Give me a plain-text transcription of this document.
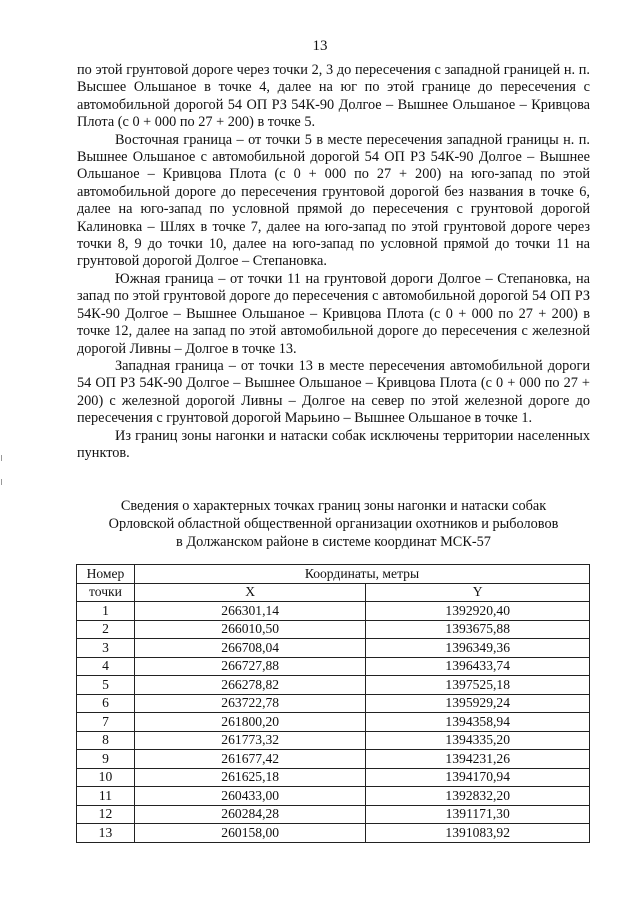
13

по этой грунтовой дороге через точки 2, 3 до пересечения с западной границей н. п. Высшее Ольшаное в точке 4, далее на юг по этой границе до пересечения с автомобильной дорогой 54 ОП РЗ 54К-90 Долгое – Вышнее Ольшаное – Кривцова Плота (с 0 + 000 по 27 + 200) в точке 5.

Восточная граница – от точки 5 в месте пересечения западной границы н. п. Вышнее Ольшаное с автомобильной дорогой 54 ОП РЗ 54К-90 Долгое – Вышнее Ольшаное – Кривцова Плота (с 0 + 000 по 27 + 200) на юго-запад по этой автомобильной дороге до пересечения грунтовой дорогой без названия в точке 6, далее на юго-запад по условной прямой до пересечения с грунтовой дорогой Калиновка – Шлях в точке 7, далее на юго-запад по этой грунтовой дороге через точки 8, 9 до точки 10, далее на юго-запад по условной прямой до точки 11 на грунтовой дорогой Долгое – Степановка.

Южная граница – от точки 11 на грунтовой дороги Долгое – Степановка, на запад по этой грунтовой дороге до пересечения с автомобильной дорогой 54 ОП РЗ 54К-90 Долгое – Вышнее Ольшаное – Кривцова Плота (с 0 + 000 по 27 + 200) в точке 12, далее на запад по этой автомобильной дороге до пересечения с железной дорогой Ливны – Долгое в точке 13.

Западная граница – от точки 13 в месте пересечения автомобильной дороги 54 ОП РЗ 54К-90 Долгое – Вышнее Ольшаное – Кривцова Плота (с 0 + 000 по 27 + 200) с железной дорогой Ливны – Долгое на север по этой железной дороге до пересечения с грунтовой дорогой Марьино – Вышнее Ольшаное в точке 1.

Из границ зоны нагонки и натаски собак исключены территории населенных пунктов.

Сведения о характерных точках границ зоны нагонки и натаски собак
Орловской областной общественной организации охотников и рыболовов
в Должанском районе в системе координат МСК-57
Номер	Координаты, метры	
точки	X	Y
1	266301,14	1392920,40
2	266010,50	1393675,88
3	266708,04	1396349,36
4	266727,88	1396433,74
5	266278,82	1397525,18
6	263722,78	1395929,24
7	261800,20	1394358,94
8	261773,32	1394335,20
9	261677,42	1394231,26
10	261625,18	1394170,94
11	260433,00	1392832,20
12	260284,28	1391171,30
13	260158,00	1391083,92
